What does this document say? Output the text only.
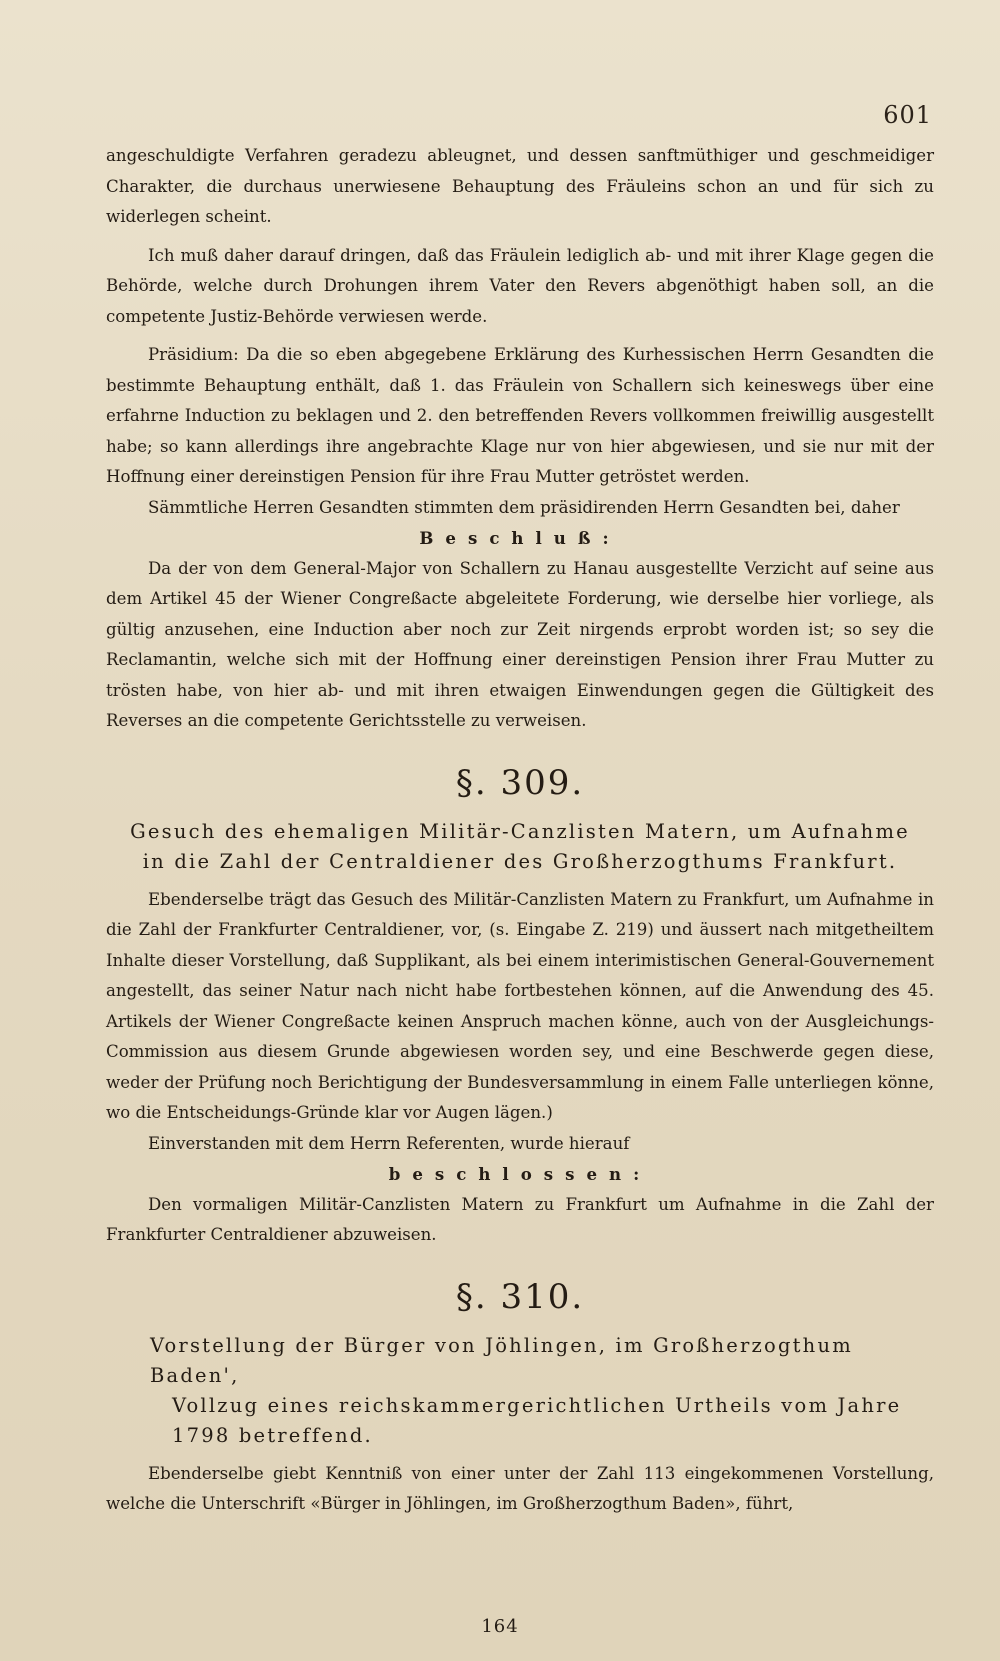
601

angeschuldigte Verfahren geradezu ableugnet, und dessen sanftmüthiger und geschmeidiger Charakter, die durchaus unerwiesene Behauptung des Fräuleins schon an und für sich zu widerlegen scheint.

Ich muß daher darauf dringen, daß das Fräulein lediglich ab- und mit ihrer Klage gegen die Behörde, welche durch Drohungen ihrem Vater den Revers abgenöthigt haben soll, an die competente Justiz-Behörde verwiesen werde.

Präsidium: Da die so eben abgegebene Erklärung des Kurhessischen Herrn Gesandten die bestimmte Behauptung enthält, daß 1. das Fräulein von Schallern sich keineswegs über eine erfahrne Induction zu beklagen und 2. den betreffenden Revers vollkommen freiwillig ausgestellt habe; so kann allerdings ihre angebrachte Klage nur von hier abgewiesen, und sie nur mit der Hoffnung einer dereinstigen Pension für ihre Frau Mutter getröstet werden.

Sämmtliche Herren Gesandten stimmten dem präsidirenden Herrn Gesandten bei, daher

Beschluß:

Da der von dem General-Major von Schallern zu Hanau ausgestellte Verzicht auf seine aus dem Artikel 45 der Wiener Congreßacte abgeleitete Forderung, wie derselbe hier vorliege, als gültig anzusehen, eine Induction aber noch zur Zeit nirgends erprobt worden ist; so sey die Reclamantin, welche sich mit der Hoffnung einer dereinstigen Pension ihrer Frau Mutter zu trösten habe, von hier ab- und mit ihren etwaigen Einwendungen gegen die Gültigkeit des Reverses an die competente Gerichtsstelle zu verweisen.

§. 309.
Gesuch des ehemaligen Militär-Canzlisten Matern, um Aufnahme
in die Zahl der Centraldiener des Großherzogthums Frankfurt.

Ebenderselbe trägt das Gesuch des Militär-Canzlisten Matern zu Frankfurt, um Aufnahme in die Zahl der Frankfurter Centraldiener, vor, (s. Eingabe Z. 219) und äussert nach mitgetheiltem Inhalte dieser Vorstellung, daß Supplikant, als bei einem interimistischen General-Gouvernement angestellt, das seiner Natur nach nicht habe fortbestehen können, auf die Anwendung des 45. Artikels der Wiener Congreßacte keinen Anspruch machen könne, auch von der Ausgleichungs-Commission aus diesem Grunde abgewiesen worden sey, und eine Beschwerde gegen diese, weder der Prüfung noch Berichtigung der Bundesversammlung in einem Falle unterliegen könne, wo die Entscheidungs-Gründe klar vor Augen lägen.)

Einverstanden mit dem Herrn Referenten, wurde hierauf

beschlossen:

Den vormaligen Militär-Canzlisten Matern zu Frankfurt um Aufnahme in die Zahl der Frankfurter Centraldiener abzuweisen.

§. 310.
Vorstellung der Bürger von Jöhlingen, im Großherzogthum Baden',
Vollzug eines reichskammergerichtlichen Urtheils vom Jahre
1798 betreffend.

Ebenderselbe giebt Kenntniß von einer unter der Zahl 113 eingekommenen Vorstellung, welche die Unterschrift «Bürger in Jöhlingen, im Großherzogthum Baden», führt,

164
